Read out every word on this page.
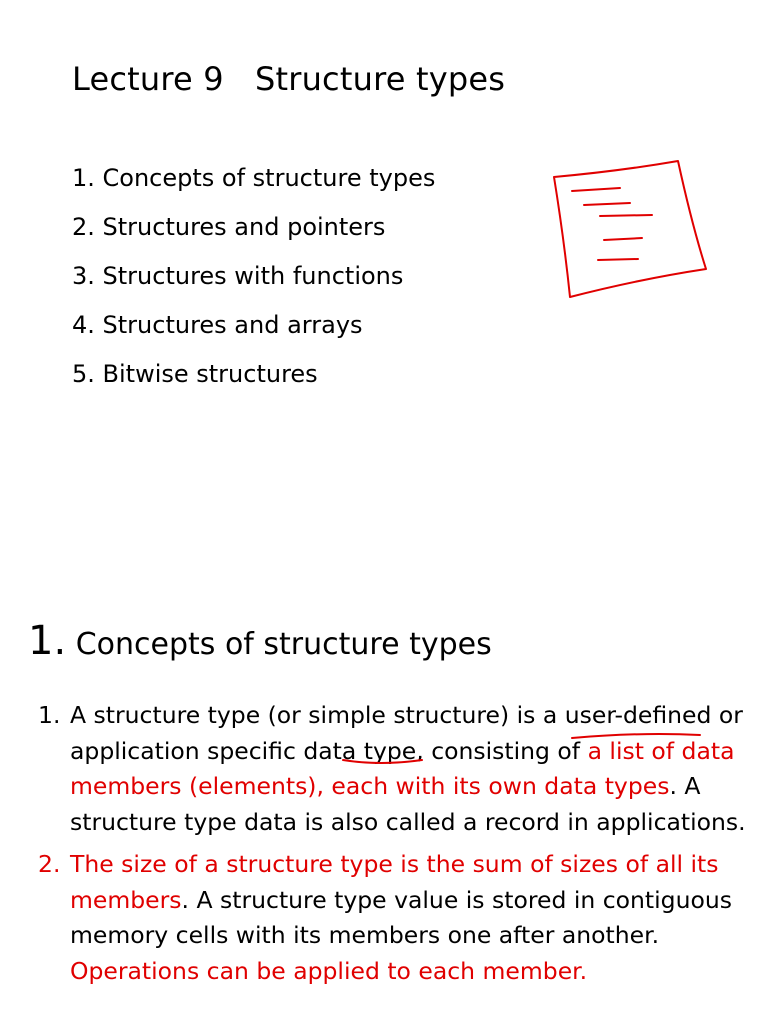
Lecture 9   Structure types
1. Concepts of structure types
2. Structures and pointers
3. Structures with functions
4. Structures and arrays
5. Bitwise structures
1. Concepts of structure types
1. A structure type (or simple structure) is a user-defined or application specific data type, consisting of a list of data members (elements), each with its own data types. A structure type data is also called a record in applications.
2. The size of a structure type is the sum of sizes of all its members. A structure type value is stored in contiguous memory cells with its members one after another. Operations can be applied to each member.
